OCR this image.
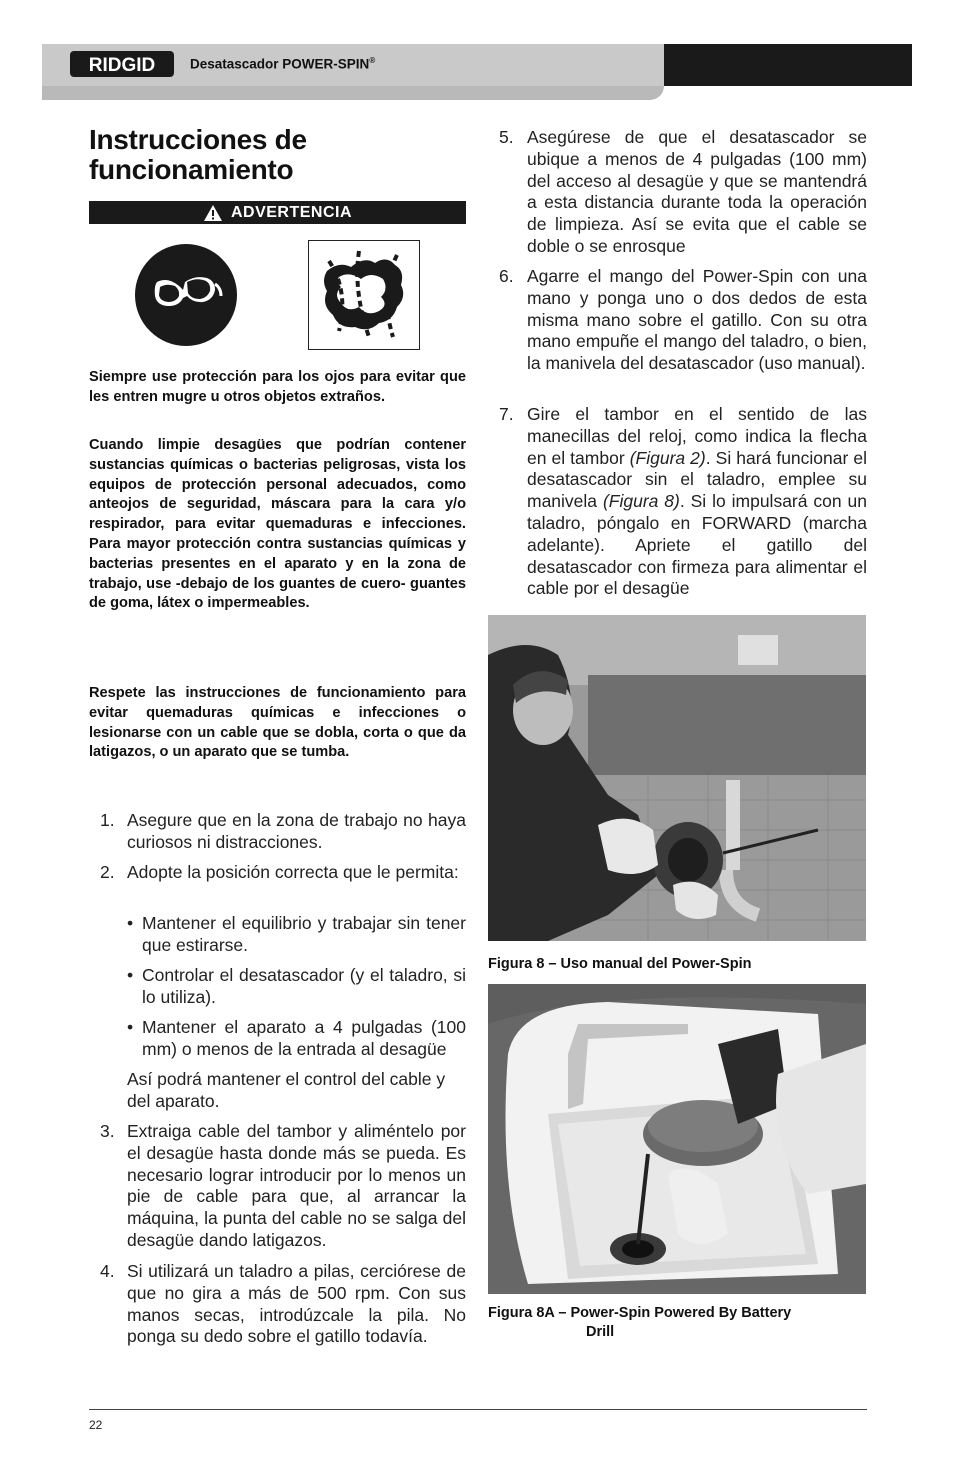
RIDGID	Desatascador POWER-SPIN®
Instrucciones de
funcionamiento
ADVERTENCIA

Siempre use protección para los ojos para evitar que les entren mugre u otros objetos extraños.

Cuando limpie desagües que podrían contener sustancias químicas o bacterias peligrosas, vista los equipos de protección personal adecuados, como anteojos de seguridad, máscara para la cara y/o respirador, para evitar quemaduras e infecciones. Para mayor protección contra sustancias químicas y bacterias presentes en el aparato y en la zona de trabajo, use -debajo de los guantes de cuero- guantes de goma, látex o impermeables.

Respete las instrucciones de funcionamiento para evitar quemaduras químicas e infecciones o lesionarse con un cable que se dobla, corta o que da latigazos, o un aparato que se tumba.

1. Asegure que en la zona de trabajo no haya curiosos ni distracciones.
2. Adopte la posición correcta que le permita:
• Mantener el equilibrio y trabajar sin tener que estirarse.
• Controlar el desatascador (y el taladro, si lo utiliza).
• Mantener el aparato a 4 pulgadas (100 mm) o menos de la entrada al desagüe
Así podrá mantener el control del cable y del aparato.
3. Extraiga cable del tambor y aliméntelo por el desagüe hasta donde más se pueda. Es necesario lograr introducir por lo menos un pie de cable para que, al arrancar la máquina, la punta del cable no se salga del desagüe dando latigazos.
4. Si utilizará un taladro a pilas, cerciórese de que no gira a más de 500 rpm. Con sus manos secas, introdúzcale la pila. No ponga su dedo sobre el gatillo todavía.
5. Asegúrese de que el desatascador se ubique a menos de 4 pulgadas (100 mm) del acceso al desagüe y que se mantendrá a esta distancia durante toda la operación de limpieza. Así se evita que el cable se doble o se enrosque
6. Agarre el mango del Power-Spin con una mano y ponga uno o dos dedos de esta misma mano sobre el gatillo. Con su otra mano empuñe el mango del taladro, o bien, la manivela del desatascador (uso manual).
7. Gire el tambor en el sentido de las manecillas del reloj, como indica la flecha en el tambor (Figura 2). Si hará funcionar el desatascador sin el taladro, emplee su manivela (Figura 8). Si lo impulsará con un taladro, póngalo en FORWARD (marcha adelante). Apriete el gatillo del desatascador con firmeza para alimentar el cable por el desagüe
Figura 8 – Uso manual del Power-Spin
Figura 8A – Power-Spin Powered By Battery
Drill
22
